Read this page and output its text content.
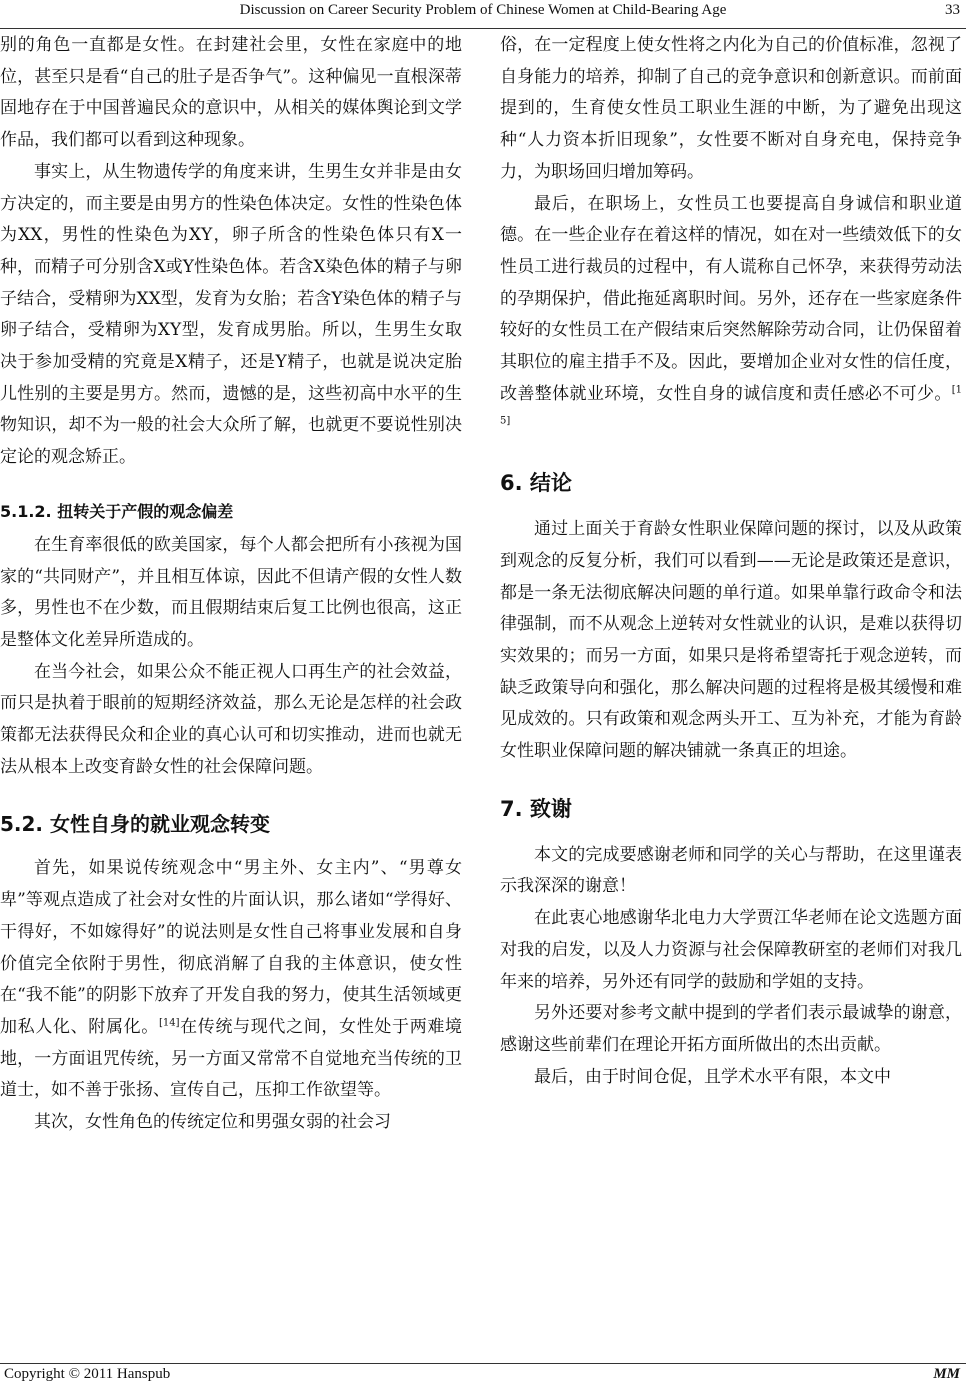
Discussion on Career Security Problem of Chinese Women at Child-Bearing Age	33

别的角色一直都是女性。在封建社会里，女性在家庭中的地位，甚至只是看“自己的肚子是否争气”。这种偏见一直根深蒂固地存在于中国普遍民众的意识中，从相关的媒体舆论到文学作品，我们都可以看到这种现象。

事实上，从生物遗传学的角度来讲，生男生女并非是由女方决定的，而主要是由男方的性染色体决定。女性的性染色体为XX，男性的性染色为XY，卵子所含的性染色体只有X一种，而精子可分别含X或Y性染色体。若含X染色体的精子与卵子结合，受精卵为XX型，发育为女胎；若含Y染色体的精子与卵子结合，受精卵为XY型，发育成男胎。所以，生男生女取决于参加受精的究竟是X精子，还是Y精子，也就是说决定胎儿性别的主要是男方。然而，遗憾的是，这些初高中水平的生物知识，却不为一般的社会大众所了解，也就更不要说性别决定论的观念矫正。

5.1.2. 扭转关于产假的观念偏差

在生育率很低的欧美国家，每个人都会把所有小孩视为国家的“共同财产”，并且相互体谅，因此不但请产假的女性人数多，男性也不在少数，而且假期结束后复工比例也很高，这正是整体文化差异所造成的。

在当今社会，如果公众不能正视人口再生产的社会效益，而只是执着于眼前的短期经济效益，那么无论是怎样的社会政策都无法获得民众和企业的真心认可和切实推动，进而也就无法从根本上改变育龄女性的社会保障问题。

5.2. 女性自身的就业观念转变

首先，如果说传统观念中“男主外、女主内”、“男尊女卑”等观点造成了社会对女性的片面认识，那么诸如“学得好、干得好，不如嫁得好”的说法则是女性自己将事业发展和自身价值完全依附于男性，彻底消解了自我的主体意识，使女性在“我不能”的阴影下放弃了开发自我的努力，使其生活领域更加私人化、附属化。[14]在传统与现代之间，女性处于两难境地，一方面诅咒传统，另一方面又常常不自觉地充当传统的卫道士，如不善于张扬、宣传自己，压抑工作欲望等。

其次，女性角色的传统定位和男强女弱的社会习

俗，在一定程度上使女性将之内化为自己的价值标准，忽视了自身能力的培养，抑制了自己的竞争意识和创新意识。而前面提到的，生育使女性员工职业生涯的中断，为了避免出现这种“人力资本折旧现象”，女性要不断对自身充电，保持竞争力，为职场回归增加筹码。

最后，在职场上，女性员工也要提高自身诚信和职业道德。在一些企业存在着这样的情况，如在对一些绩效低下的女性员工进行裁员的过程中，有人谎称自己怀孕，来获得劳动法的孕期保护，借此拖延离职时间。另外，还存在一些家庭条件较好的女性员工在产假结束后突然解除劳动合同，让仍保留着其职位的雇主措手不及。因此，要增加企业对女性的信任度，改善整体就业环境，女性自身的诚信度和责任感必不可少。[15]

6. 结论

通过上面关于育龄女性职业保障问题的探讨，以及从政策到观念的反复分析，我们可以看到——无论是政策还是意识，都是一条无法彻底解决问题的单行道。如果单靠行政命令和法律强制，而不从观念上逆转对女性就业的认识，是难以获得切实效果的；而另一方面，如果只是将希望寄托于观念逆转，而缺乏政策导向和强化，那么解决问题的过程将是极其缓慢和难见成效的。只有政策和观念两头开工、互为补充，才能为育龄女性职业保障问题的解决铺就一条真正的坦途。

7. 致谢

本文的完成要感谢老师和同学的关心与帮助，在这里谨表示我深深的谢意！

在此衷心地感谢华北电力大学贾江华老师在论文选题方面对我的启发，以及人力资源与社会保障教研室的老师们对我几年来的培养，另外还有同学的鼓励和学姐的支持。

另外还要对参考文献中提到的学者们表示最诚挚的谢意，感谢这些前辈们在理论开拓方面所做出的杰出贡献。

最后，由于时间仓促，且学术水平有限，本文中

Copyright © 2011 Hanspub	MM
